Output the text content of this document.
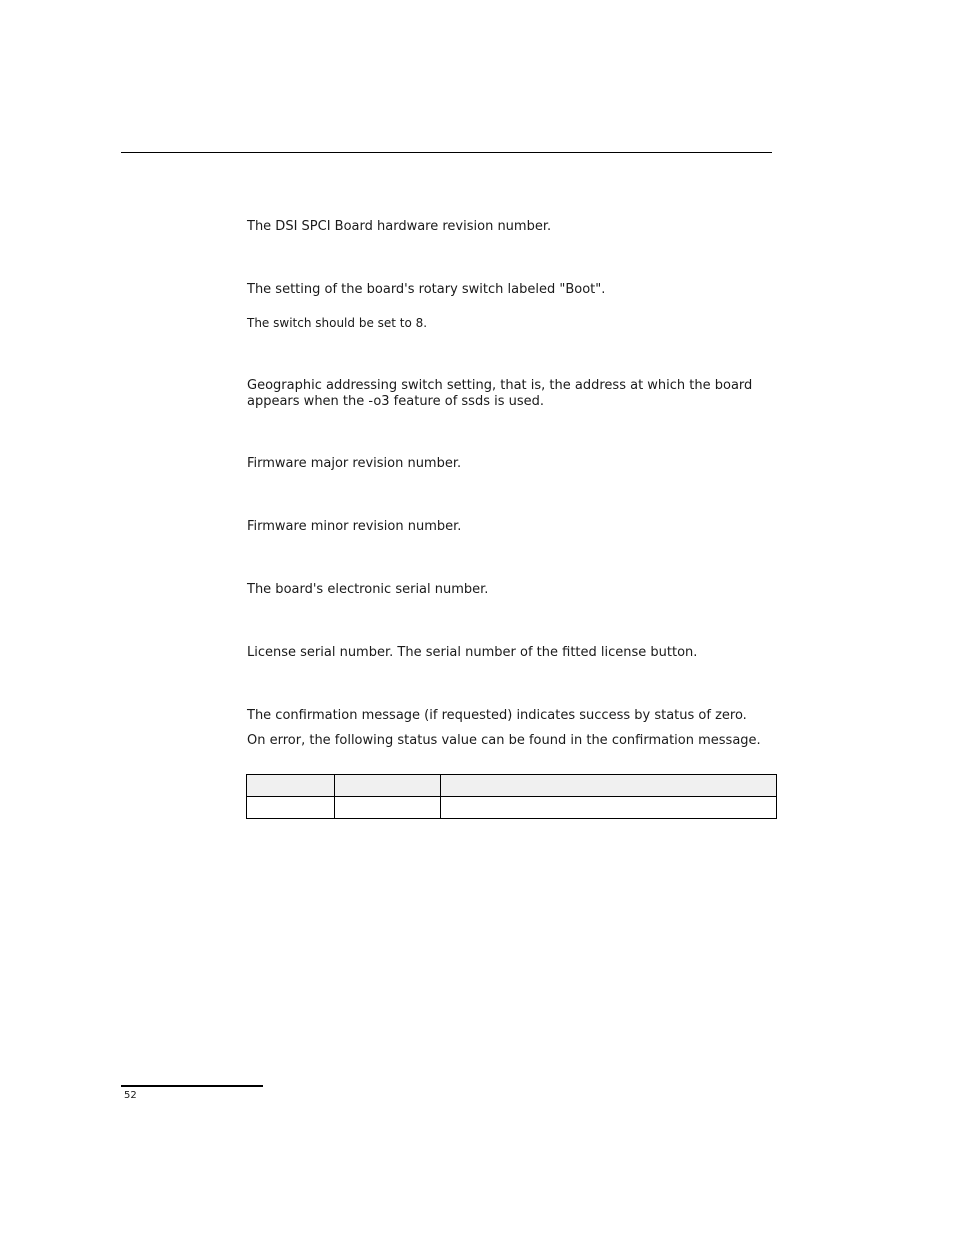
The DSI SPCI Board hardware revision number.

The setting of the board's rotary switch labeled "Boot".

The switch should be set to 8.

Geographic addressing switch setting, that is, the address at which the board appears when the -o3 feature of ssds is used.

Firmware major revision number.

Firmware minor revision number.

The board's electronic serial number.

License serial number. The serial number of the fitted license button.

The confirmation message (if requested) indicates success by status of zero.

On error, the following status value can be found in the confirmation message.

52
